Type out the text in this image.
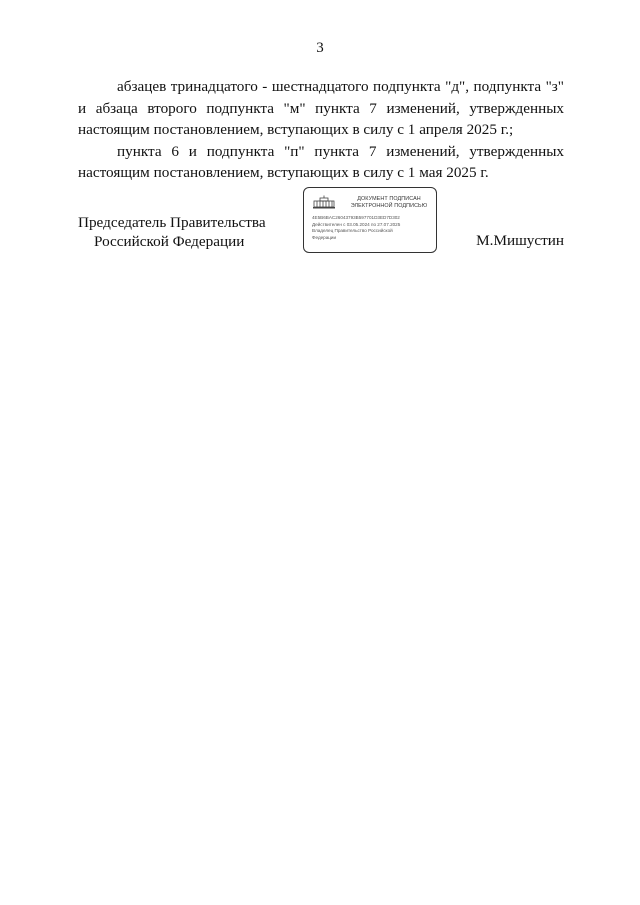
3

абзацев тринадцатого - шестнадцатого подпункта "д", подпункта "з"
и абзаца второго подпункта "м" пункта 7 изменений, утвержденных
настоящим постановлением, вступающих в силу с 1 апреля 2025 г.;

пункта 6 и подпункта "п" пункта 7 изменений, утвержденных
настоящим постановлением, вступающих в силу с 1 мая 2025 г.

Председатель Правительства
Российской Федерации
ДОКУМЕНТ ПОДПИСАН
ЭЛЕКТРОННОЙ ПОДПИСЬЮ
4E5B6BAC26043793B597701D3ED7D302
Действителен с 03.05.2024 по 27.07.2025
Владелец Правительство Российской
Федерации	М.Мишустин
